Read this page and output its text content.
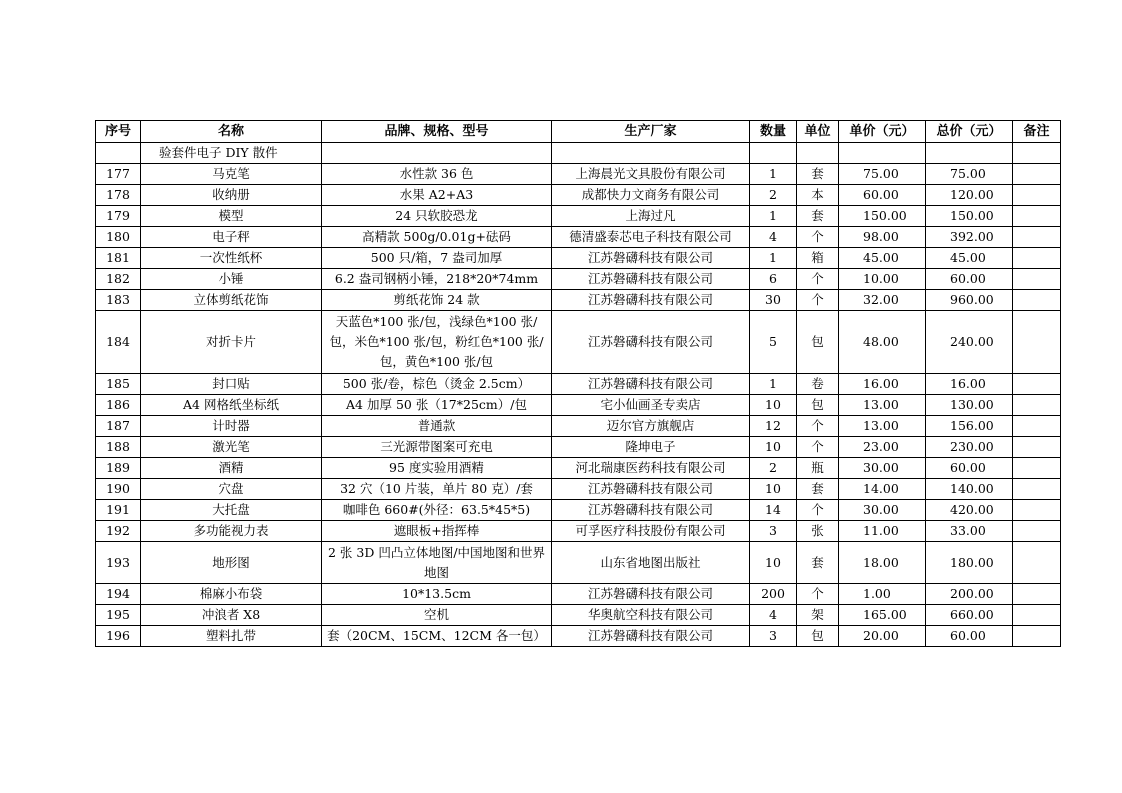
序号	名称	品牌、规格、型号	生产厂家	数量	单位	单价（元）	总价（元）	备注
	验套件电子 DIY 散件							
177	马克笔	水性款 36 色	上海晨光文具股份有限公司	1	套	75.00	75.00	
178	收纳册	水果 A2+A3	成都快力文商务有限公司	2	本	60.00	120.00	
179	模型	24 只软胶恐龙	上海过凡	1	套	150.00	150.00	
180	电子秤	高精款 500g/0.01g+砝码	德清盛泰芯电子科技有限公司	4	个	98.00	392.00	
181	一次性纸杯	500 只/箱，7 盎司加厚	江苏磐礴科技有限公司	1	箱	45.00	45.00	
182	小锤	6.2 盎司钢柄小锤，218*20*74mm	江苏磐礴科技有限公司	6	个	10.00	60.00	
183	立体剪纸花饰	剪纸花饰 24 款	江苏磐礴科技有限公司	30	个	32.00	960.00	
184	对折卡片	天蓝色*100 张/包，浅绿色*100 张/包，米色*100 张/包，粉红色*100 张/包，黄色*100 张/包	江苏磐礴科技有限公司	5	包	48.00	240.00	
185	封口贴	500 张/卷，棕色（烫金 2.5cm）	江苏磐礴科技有限公司	1	卷	16.00	16.00	
186	A4 网格纸坐标纸	A4 加厚 50 张（17*25cm）/包	宅小仙画圣专卖店	10	包	13.00	130.00	
187	计时器	普通款	迈尔官方旗舰店	12	个	13.00	156.00	
188	激光笔	三光源带图案可充电	隆坤电子	10	个	23.00	230.00	
189	酒精	95 度实验用酒精	河北瑞康医药科技有限公司	2	瓶	30.00	60.00	
190	穴盘	32 穴（10 片装，单片 80 克）/套	江苏磐礴科技有限公司	10	套	14.00	140.00	
191	大托盘	咖啡色 660#(外径：63.5*45*5)	江苏磐礴科技有限公司	14	个	30.00	420.00	
192	多功能视力表	遮眼板+指挥棒	可孚医疗科技股份有限公司	3	张	11.00	33.00	
193	地形图	2 张 3D 凹凸立体地图/中国地图和世界地图	山东省地图出版社	10	套	18.00	180.00	
194	棉麻小布袋	10*13.5cm	江苏磐礴科技有限公司	200	个	1.00	200.00	
195	冲浪者 X8	空机	华奥航空科技有限公司	4	架	165.00	660.00	
196	塑料扎带	套（20CM、15CM、12CM 各一包）	江苏磐礴科技有限公司	3	包	20.00	60.00	
